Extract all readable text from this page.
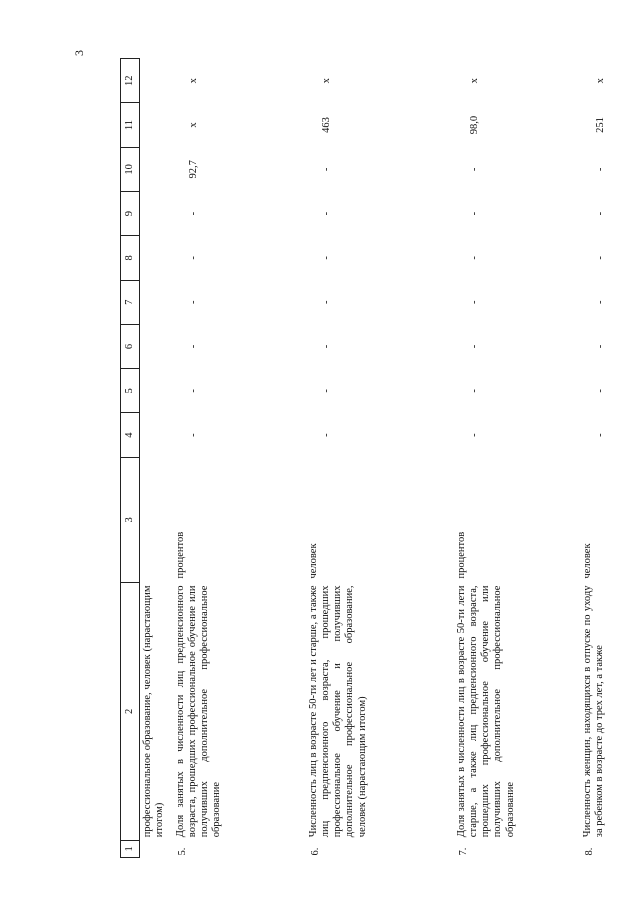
3
1	2	3	4	5	6	7	8	9	10	11	12
	профессиональное образование, человек (нарастающим итогом)										
5.	Доля занятых в численности лиц предпенсионного возраста, прошедших профессиональное обучение или получивших дополнительное профессиональное образование	процентов	-	-	-	-	-	-	92,7	x	x
6.	Численность лиц в возрасте 50-ти лет и старше, а также лиц предпенсионного возраста, прошедших профессиональное обучение и получивших дополнительное профессиональное образование, человек (нарастающим итогом)	человек	-	-	-	-	-	-	-	463	x
7.	Доля занятых в численности лиц в возрасте 50-ти лети старше, а также лиц предпенсионного возраста, прошедших профессиональное обучение или получивших дополнительное профессиональное образование	процентов	-	-	-	-	-	-	-	98,0	x
8.	Численность женщин, находящихся в отпуске по уходу за ребенком в возрасте до трех лет, а также	человек	-	-	-	-	-	-	-	251	x
